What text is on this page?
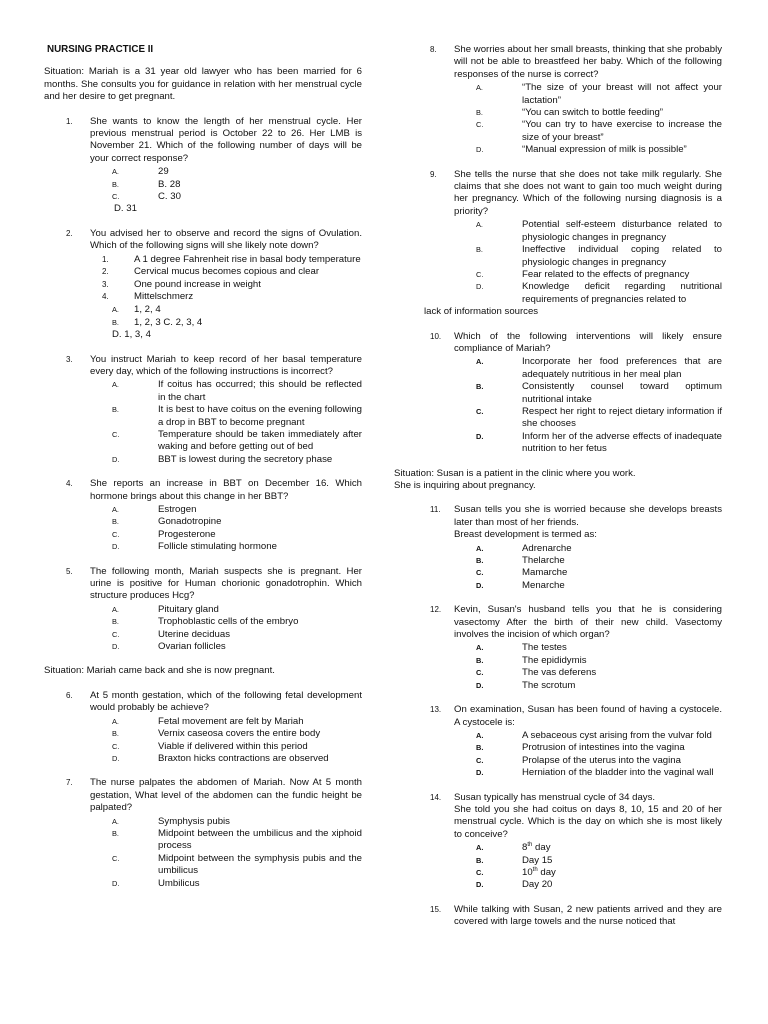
NURSING PRACTICE II
Situation: Mariah is a 31 year old lawyer who has been married for 6 months. She consults you for guidance in relation with her menstrual cycle and her desire to get pregnant.
1. She wants to know the length of her menstrual cycle. Her previous menstrual period is October 22 to 26. Her LMB is November 21. Which of the following number of days will be your correct response?
A.	29
B.	B. 28
C.	C. 30
D. 31
2. You advised her to observe and record the signs of Ovulation. Which of the following signs will she likely note down?
1.	A 1 degree Fahrenheit rise in basal body temperature
2.	Cervical mucus becomes copious and clear
3.	One pound increase in weight
4.	Mittelschmerz
A. 1, 2, 4
B. 1, 2, 3 C. 2, 3, 4
D. 1, 3, 4
3. You instruct Mariah to keep record of her basal temperature every day, which of the following instructions is incorrect?
A.	If coitus has occurred; this should be reflected in the chart
B.	It is best to have coitus on the evening following a drop in BBT to become pregnant
C.	Temperature should be taken immediately after waking and before getting out of bed
D.	BBT is lowest during the secretory phase
4. She reports an increase in BBT on December 16. Which hormone brings about this change in her BBT?
A.	Estrogen
B.	Gonadotropine
C.	Progesterone
D.	Follicle stimulating hormone
5. The following month, Mariah suspects she is pregnant. Her urine is positive for Human chorionic gonadotrophin. Which structure produces Hcg?
A.	Pituitary gland
B.	Trophoblastic cells of the embryo
C.	Uterine deciduas
D.	Ovarian follicles
Situation: Mariah came back and she is now pregnant.
6. At 5 month gestation, which of the following fetal development would probably be achieve?
A.	Fetal movement are felt by Mariah
B.	Vernix caseosa covers the entire body
C.	Viable if delivered within this period
D.	Braxton hicks contractions are observed
7. The nurse palpates the abdomen of Mariah. Now At 5 month gestation, What level of the abdomen can the fundic height be palpated?
A.	Symphysis pubis
B.	Midpoint between the umbilicus and the xiphoid process
C.	Midpoint between the symphysis pubis and the umbilicus
D.	Umbilicus
8. She worries about her small breasts, thinking that she probably will not be able to breastfeed her baby. Which of the following responses of the nurse is correct?
A.	“The size of your breast will not affect your lactation”
B.	“You can switch to bottle feeding”
C.	“You can try to have exercise to increase the size of your breast”
D.	“Manual expression of milk is possible”
9. She tells the nurse that she does not take milk regularly. She claims that she does not want to gain too much weight during her pregnancy. Which of the following nursing diagnosis is a priority?
A.	Potential self-esteem disturbance related to physiologic changes in pregnancy
B.	Ineffective individual coping related to physiologic changes in pregnancy
C.	Fear related to the effects of pregnancy
D.	Knowledge deficit regarding nutritional requirements of pregnancies related to
lack of information sources
10. Which of the following interventions will likely ensure compliance of Mariah?
A.	Incorporate her food preferences that are adequately nutritious in her meal plan
B.	Consistently counsel toward optimum nutritional intake
C.	Respect her right to reject dietary information if she chooses
D.	Inform her of the adverse effects of inadequate nutrition to her fetus
Situation: Susan is a patient in the clinic where you work.
She is inquiring about pregnancy.
11. Susan tells you she is worried because she develops breasts later than most of her friends.
Breast development is termed as:
A.	Adrenarche
B.	Thelarche
C.	Mamarche
D.	Menarche
12. Kevin, Susan's husband tells you that he is considering vasectomy After the birth of their new child. Vasectomy involves the incision of which organ?
A.	The testes
B.	The epididymis
C.	The vas deferens
D.	The scrotum
13. On examination, Susan has been found of having a cystocele. A cystocele is:
A.	A sebaceous cyst arising from the vulvar fold
B.	Protrusion of intestines into the vagina
C.	Prolapse of the uterus into the vagina
D.	Herniation of the bladder into the vaginal wall
14. Susan typically has menstrual cycle of 34 days.
She told you she had coitus on days 8, 10, 15 and 20 of her menstrual cycle. Which is the day on which she is most likely to conceive?
A.	8th day
B.	Day 15
C.	10th day
D.	Day 20
15. While talking with Susan, 2 new patients arrived and they are covered with large towels and the nurse noticed that
